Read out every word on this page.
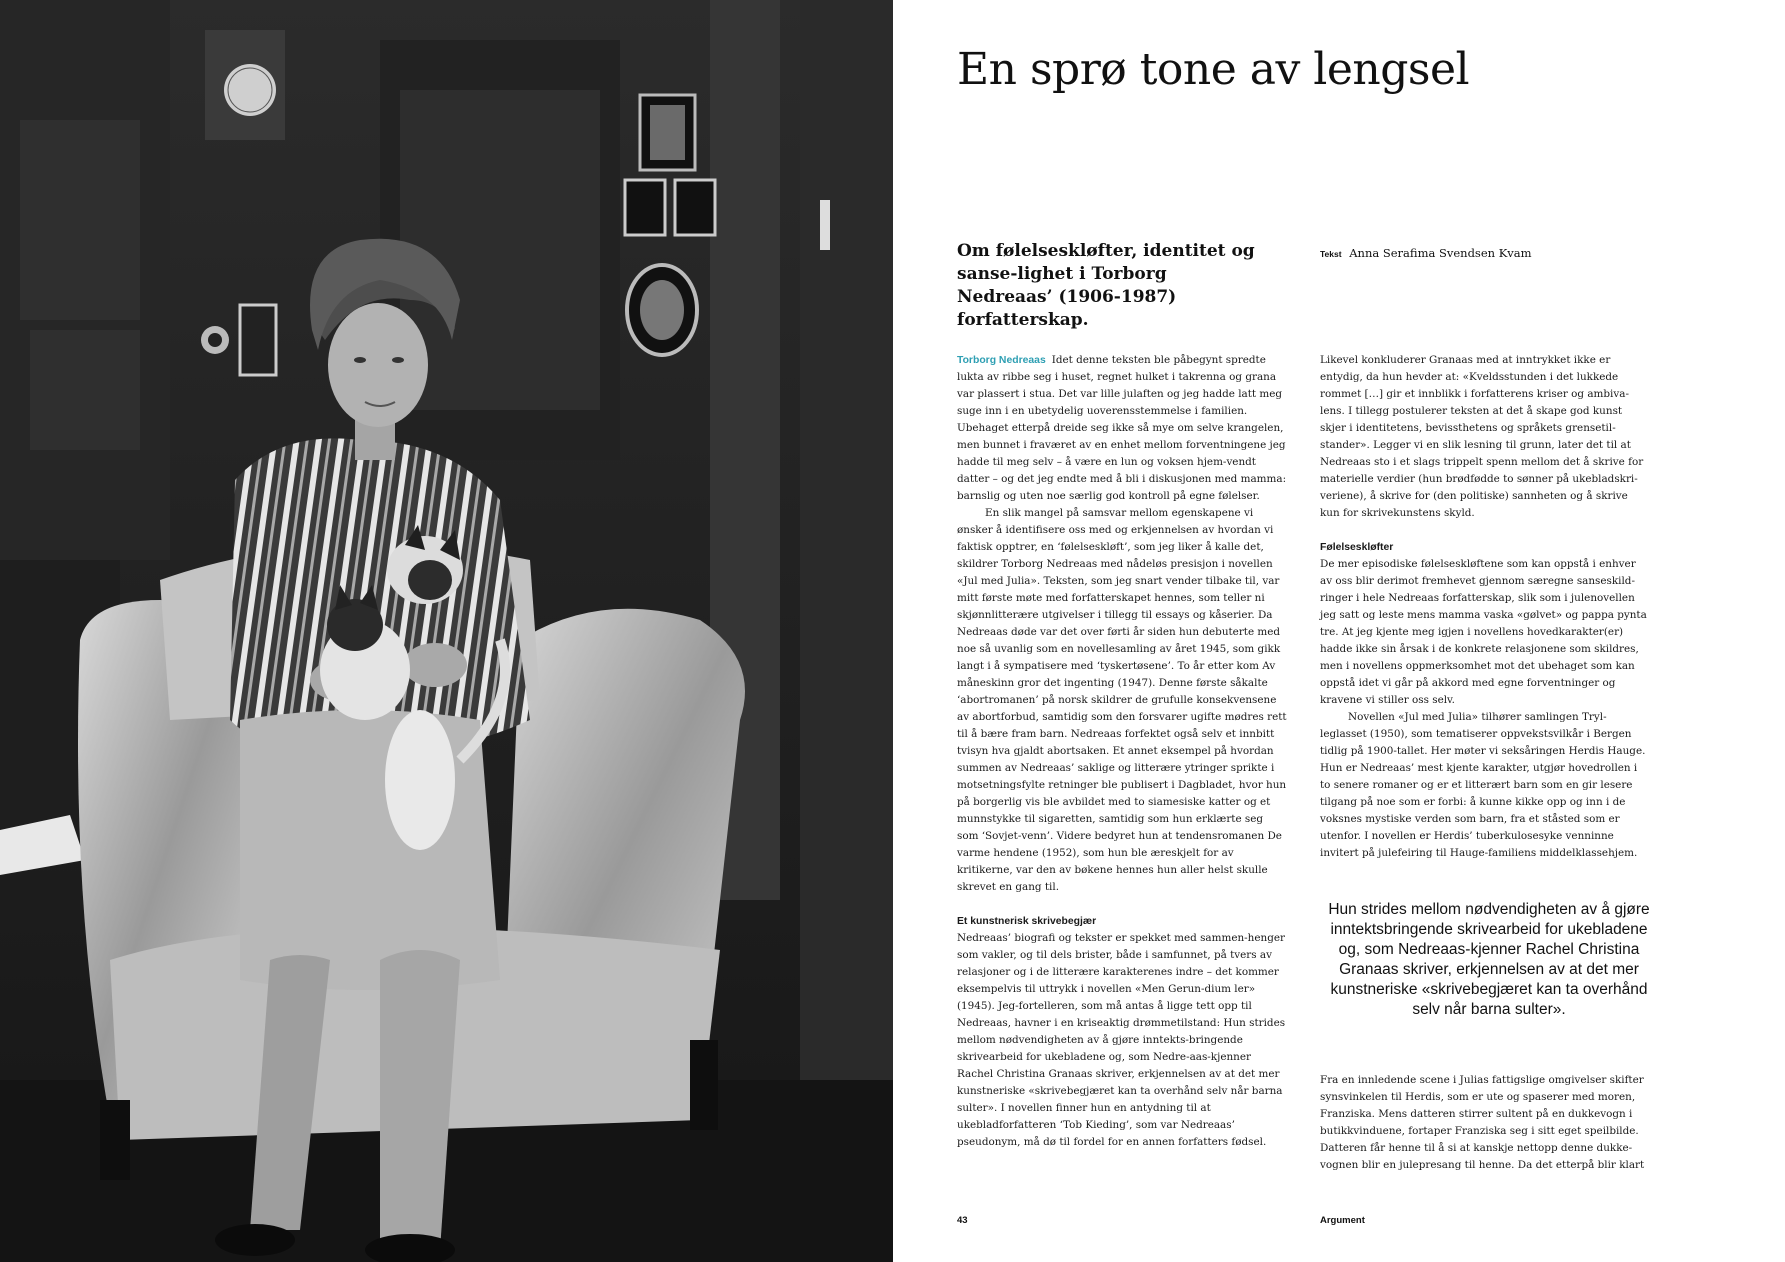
En sprø tone av lengsel

Om følelseskløfter, identitet og sanse-lighet i Torborg Nedreaas’ (1906-1987) forfatterskap.

Tekst Anna Serafima Svendsen Kvam

Torborg Nedreaas Idet denne teksten ble påbegynt spredte lukta av ribbe seg i huset, regnet hulket i takrenna og grana var plassert i stua. Det var lille julaften og jeg hadde latt meg suge inn i en ubetydelig uoverensstemmelse i familien. Ubehaget etterpå dreide seg ikke så mye om selve krangelen, men bunnet i fraværet av en enhet mellom forventningene jeg hadde til meg selv – å være en lun og voksen hjem-vendt datter – og det jeg endte med å bli i diskusjonen med mamma: barnslig og uten noe særlig god kontroll på egne følelser.

En slik mangel på samsvar mellom egenskapene vi ønsker å identifisere oss med og erkjennelsen av hvordan vi faktisk opptrer, en ‘følelseskløft’, som jeg liker å kalle det, skildrer Torborg Nedreaas med nådeløs presisjon i novellen «Jul med Julia». Teksten, som jeg snart vender tilbake til, var mitt første møte med forfatterskapet hennes, som teller ni skjønnlitterære utgivelser i tillegg til essays og kåserier. Da Nedreaas døde var det over førti år siden hun debuterte med noe så uvanlig som en novellesamling av året 1945, som gikk langt i å sympatisere med ‘tyskertøsene’. To år etter kom Av måneskinn gror det ingenting (1947). Denne første såkalte ‘abortromanen’ på norsk skildrer de grufulle konsekvensene av abortforbud, samtidig som den forsvarer ugifte mødres rett til å bære fram barn. Nedreaas forfektet også selv et innbitt tvisyn hva gjaldt abortsaken. Et annet eksempel på hvordan summen av Nedreaas’ saklige og litterære ytringer sprikte i motsetningsfylte retninger ble publisert i Dagbladet, hvor hun på borgerlig vis ble avbildet med to siamesiske katter og et munnstykke til sigaretten, samtidig som hun erklærte seg som ‘Sovjet-venn’. Videre bedyret hun at tendensromanen De varme hendene (1952), som hun ble æreskjelt for av kritikerne, var den av bøkene hennes hun aller helst skulle skrevet en gang til.

Et kunstnerisk skrivebegjær

Nedreaas’ biografi og tekster er spekket med sammen-henger som vakler, og til dels brister, både i samfunnet, på tvers av relasjoner og i de litterære karakterenes indre – det kommer eksempelvis til uttrykk i novellen «Men Gerun-dium ler» (1945). Jeg-fortelleren, som må antas å ligge tett opp til Nedreaas, havner i en kriseaktig drømmetilstand: Hun strides mellom nødvendigheten av å gjøre inntekts-bringende skrivearbeid for ukebladene og, som Nedre-aas-kjenner Rachel Christina Granaas skriver, erkjennelsen av at det mer kunstneriske «skrivebegjæret kan ta overhånd selv når barna sulter». I novellen finner hun en antydning til at ukebladforfatteren ‘Tob Kieding’, som var Nedreaas’ pseudonym, må dø til fordel for en annen forfatters fødsel.

Likevel konkluderer Granaas med at inntrykket ikke er entydig, da hun hevder at: «Kveldsstunden i det lukkede rommet […] gir et innblikk i forfatterens kriser og ambiva-lens. I tillegg postulerer teksten at det å skape god kunst skjer i identitetens, bevissthetens og språkets grensetil-stander». Legger vi en slik lesning til grunn, later det til at Nedreaas sto i et slags trippelt spenn mellom det å skrive for materielle verdier (hun brødfødde to sønner på ukebladskri-veriene), å skrive for (den politiske) sannheten og å skrive kun for skrivekunstens skyld.

Følelseskløfter

De mer episodiske følelseskløftene som kan oppstå i enhver av oss blir derimot fremhevet gjennom særegne sanseskild-ringer i hele Nedreaas forfatterskap, slik som i julenovellen jeg satt og leste mens mamma vaska «gølvet» og pappa pynta tre. At jeg kjente meg igjen i novellens hovedkarakter(er) hadde ikke sin årsak i de konkrete relasjonene som skildres, men i novellens oppmerksomhet mot det ubehaget som kan oppstå idet vi går på akkord med egne forventninger og kravene vi stiller oss selv.

Novellen «Jul med Julia» tilhører samlingen Tryl-leglasset (1950), som tematiserer oppvekstsvilkår i Bergen tidlig på 1900-tallet. Her møter vi seksåringen Herdis Hauge. Hun er Nedreaas’ mest kjente karakter, utgjør hovedrollen i to senere romaner og er et litterært barn som en gir lesere tilgang på noe som er forbi: å kunne kikke opp og inn i de voksnes mystiske verden som barn, fra et ståsted som er utenfor. I novellen er Herdis’ tuberkulosesyke venninne invitert på julefeiring til Hauge-familiens middelklassehjem.

Hun strides mellom nødvendigheten av å gjøre inntektsbringende skrivearbeid for ukebladene og, som Nedreaas-kjenner Rachel Christina Granaas skriver, erkjennelsen av at det mer kunstneriske «skrivebegjæret kan ta overhånd selv når barna sulter».

Fra en innledende scene i Julias fattigslige omgivelser skifter synsvinkelen til Herdis, som er ute og spaserer med moren, Franziska. Mens datteren stirrer sultent på en dukkevogn i butikkvinduene, fortaper Franziska seg i sitt eget speilbilde. Datteren får henne til å si at kanskje nettopp denne dukke-vognen blir en julepresang til henne. Da det etterpå blir klart

43	Argument
